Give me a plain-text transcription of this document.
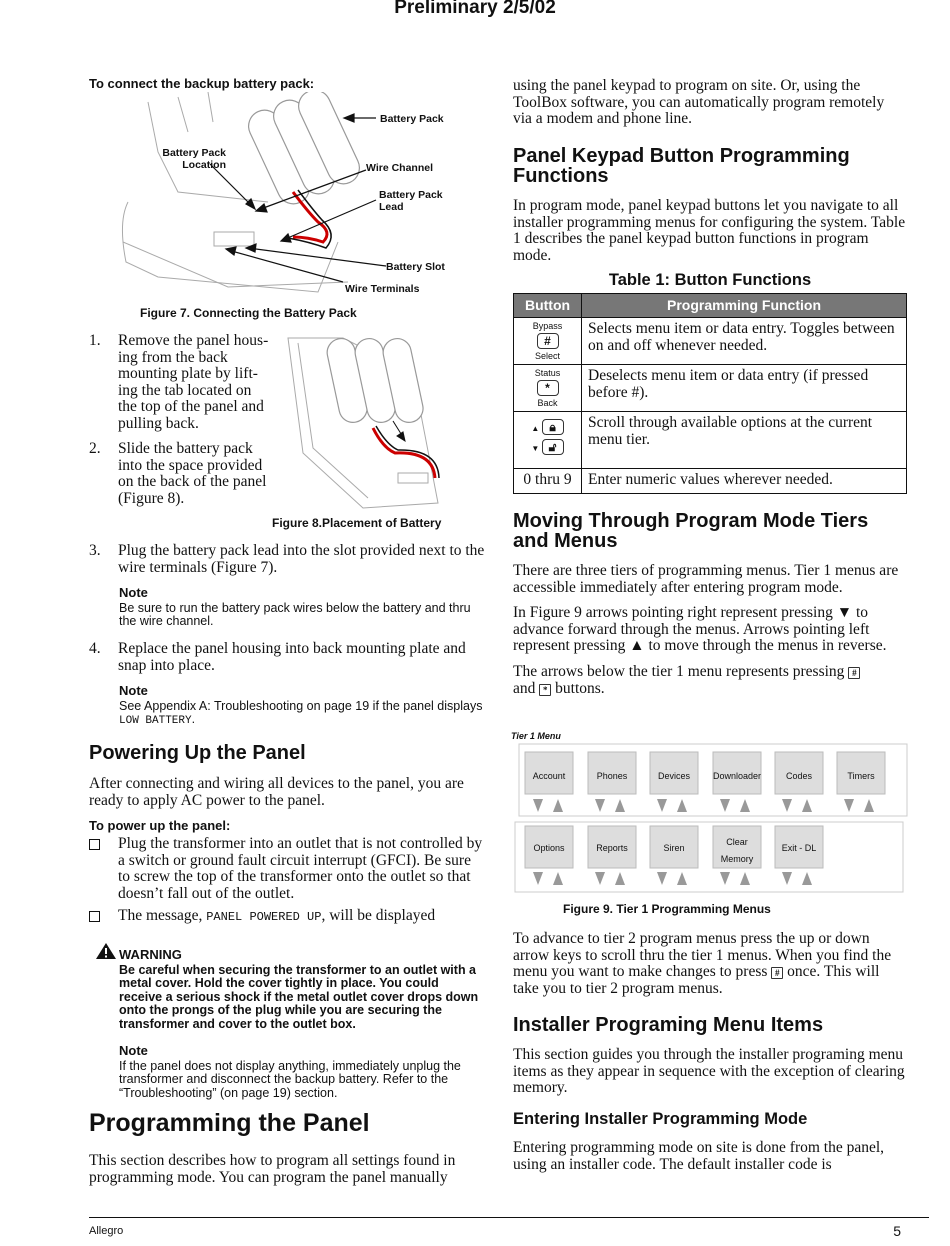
Preliminary 2/5/02
To connect the backup battery pack:
Battery Pack
Battery Pack
Location	Wire Channel
Battery Pack
Lead
Battery Slot
Wire Terminals
Figure 7. Connecting the Battery Pack
1. Remove the panel hous-
ing from the back
mounting plate by lift-
ing the tab located on
the top of the panel and
pulling back.
2. Slide the battery pack
into the space provided
on the back of the panel
(Figure 8).
Figure 8.Placement of Battery
3. Plug the battery pack lead into the slot provided next to the wire terminals (Figure 7).
Note
Be sure to run the battery pack wires below the battery and thru the wire channel.
4. Replace the panel housing into back mounting plate and snap into place.
Note
See Appendix A: Troubleshooting on page 19 if the panel displays LOW BATTERY.
Powering Up the Panel
After connecting and wiring all devices to the panel, you are ready to apply AC power to the panel.
To power up the panel:
Plug the transformer into an outlet that is not controlled by a switch or ground fault circuit interrupt (GFCI). Be sure to screw the top of the transformer onto the outlet so that doesn’t fall out of the outlet.
The message, PANEL POWERED UP, will be displayed
WARNING
Be careful when securing the transformer to an outlet with a metal cover. Hold the cover tightly in place. You could receive a serious shock if the metal outlet cover drops down onto the prongs of the plug while you are securing the transformer and cover to the outlet box.
Note
If the panel does not display anything, immediately unplug the transformer and disconnect the backup battery. Refer to the “Troubleshooting” (on page 19) section.
Programming the Panel
This section describes how to program all settings found in programming mode. You can program the panel manually
using the panel keypad to program on site. Or, using the ToolBox software, you can automatically program remotely via a modem and phone line.
Panel Keypad Button Programming Functions
In program mode, panel keypad buttons let you navigate to all installer programming menus for configuring the system. Table 1 describes the panel keypad button functions in program mode.
Table 1: Button Functions
Button	Programming Function

Bypass
#
Select	Selects menu item or data entry. Toggles between on and off whenever needed.

Status
*
Back	Deselects menu item or data entry (if pressed before #).

▲ 🔒︎
▼ 🔓︎	Scroll through available options at the current menu tier.
0 thru 9	Enter numeric values wherever needed.
Moving Through Program Mode Tiers and Menus
There are three tiers of programming menus. Tier 1 menus are accessible immediately after entering program mode.
In Figure 9 arrows pointing right represent pressing ▼ to advance forward through the menus. Arrows pointing left represent pressing ▲ to move through the menus in reverse.
The arrows below the tier 1 menu represents pressing #
and * buttons.
Tier 1 Menu
Account	Phones	Devices	Downloader	Codes	Timers
Options	Reports	Siren
Clear Memory
Exit - DL
Figure 9. Tier 1 Programming Menus
To advance to tier 2 program menus press the up or down arrow keys to scroll thru the tier 1 menus. When you find the menu you want to make changes to press # once. This will take you to tier 2 program menus.
Installer Programing Menu Items
This section guides you through the installer programing menu items as they appear in sequence with the exception of clearing memory.
Entering Installer Programming Mode
Entering programming mode on site is done from the panel, using an installer code. The default installer code is
Allegro	5
